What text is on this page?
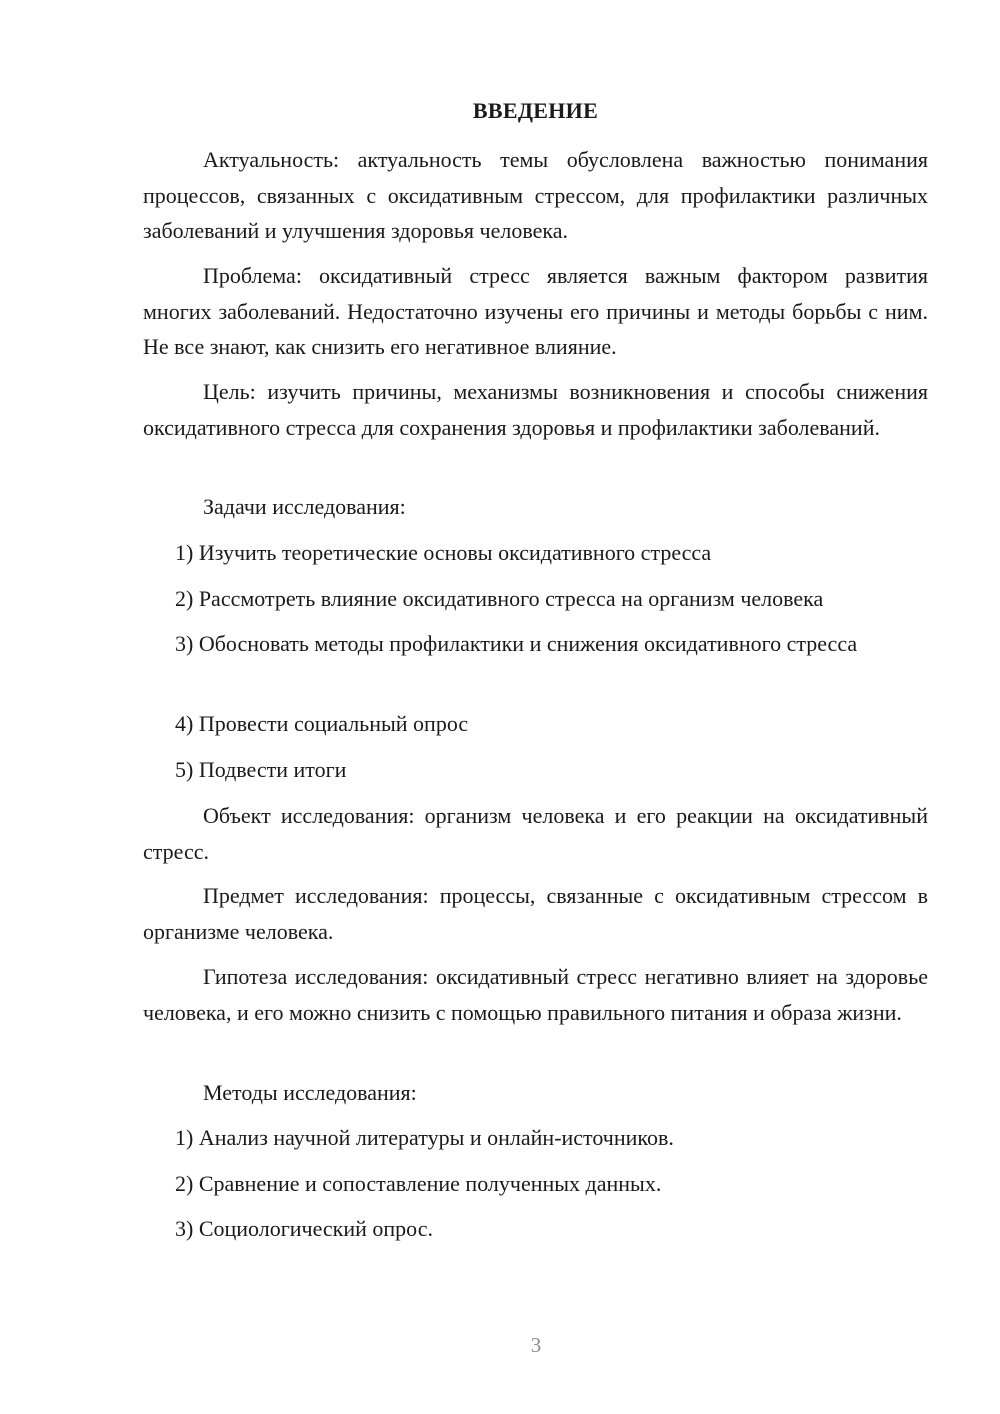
ВВЕДЕНИЕ

Актуальность: актуальность темы обусловлена важностью понимания процессов, связанных с оксидативным стрессом, для профилактики различных заболеваний и улучшения здоровья человека.

Проблема: оксидативный стресс является важным фактором развития многих заболеваний. Недостаточно изучены его причины и методы борьбы с ним. Не все знают, как снизить его негативное влияние.

Цель: изучить причины, механизмы возникновения и способы снижения оксидативного стресса для сохранения здоровья и профилактики заболеваний.

Задачи исследования:

1) Изучить теоретические основы оксидативного стресса

2) Рассмотреть влияние оксидативного стресса на организм человека

3) Обосновать методы профилактики и снижения оксидативного стресса

4) Провести социальный опрос

5) Подвести итоги

Объект исследования: организм человека и его реакции на оксидативный стресс.

Предмет исследования: процессы, связанные с оксидативным стрессом в организме человека.

Гипотеза исследования: оксидативный стресс негативно влияет на здоровье человека, и его можно снизить с помощью правильного питания и образа жизни.

Методы исследования:

1) Анализ научной литературы и онлайн-источников.

2) Сравнение и сопоставление полученных данных.

3) Социологический опрос.

3
